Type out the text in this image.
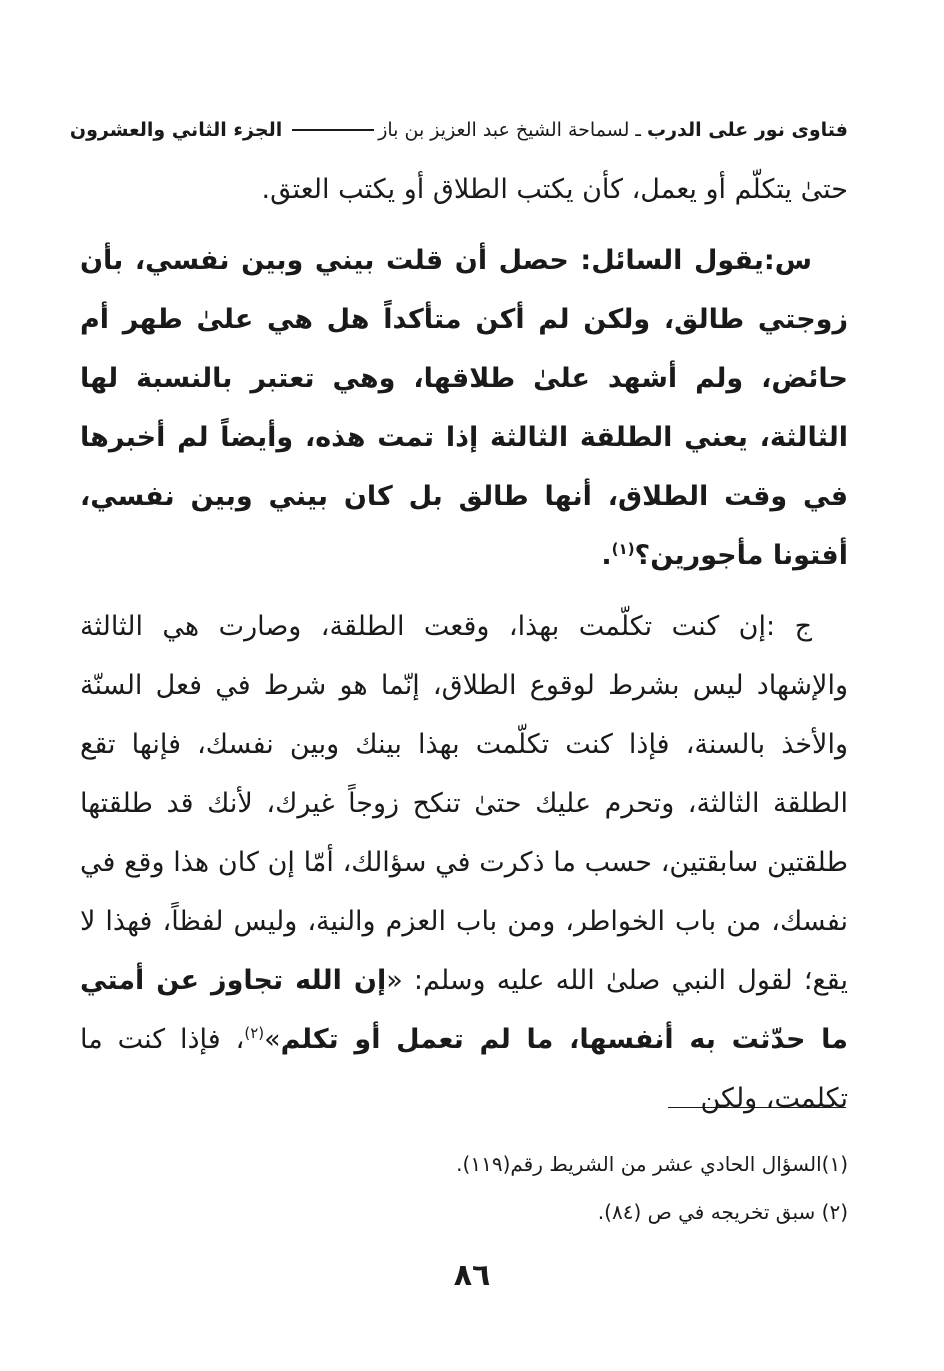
فتاوى نور على الدرب
ـ
لسماحة الشيخ عبد العزيز بن باز
الجزء الثاني والعشرون

حتىٰ يتكلّم أو يعمل، كأن يكتب الطلاق أو يكتب العتق.

س:يقول السائل: حصل أن قلت بيني وبين نفسي، بأن زوجتي طالق، ولكن لم أكن متأكداً هل هي علىٰ طهر أم حائض، ولم أشهد علىٰ طلاقها، وهي تعتبر بالنسبة لها الثالثة، يعني الطلقة الثالثة إذا تمت هذه، وأيضاً لم أخبرها في وقت الطلاق، أنها طالق بل كان بيني وبين نفسي، أفتونا مأجورين؟$^{(١)}$.

ج :إن كنت تكلّمت بهذا، وقعت الطلقة، وصارت هي الثالثة والإشهاد ليس بشرط لوقوع الطلاق، إنّما هو شرط في فعل السنّة والأخذ بالسنة، فإذا كنت تكلّمت بهذا بينك وبين نفسك، فإنها تقع الطلقة الثالثة، وتحرم عليك حتىٰ تنكح زوجاً غيرك، لأنك قد طلقتها طلقتين سابقتين، حسب ما ذكرت في سؤالك، أمّا إن كان هذا وقع في نفسك، من باب الخواطر، ومن باب العزم والنية، وليس لفظاً، فهذا لا يقع؛ لقول النبي صلىٰ الله عليه وسلم: «إن الله تجاوز عن أمتي ما حدّثت به أنفسها، ما لم تعمل أو تكلم»$^{(٢)}$، فإذا كنت ما تكلمت، ولكن

(١)السؤال الحادي عشر من الشريط رقم(١١٩).
(٢) سبق تخريجه في ص (٨٤).
٨٦
